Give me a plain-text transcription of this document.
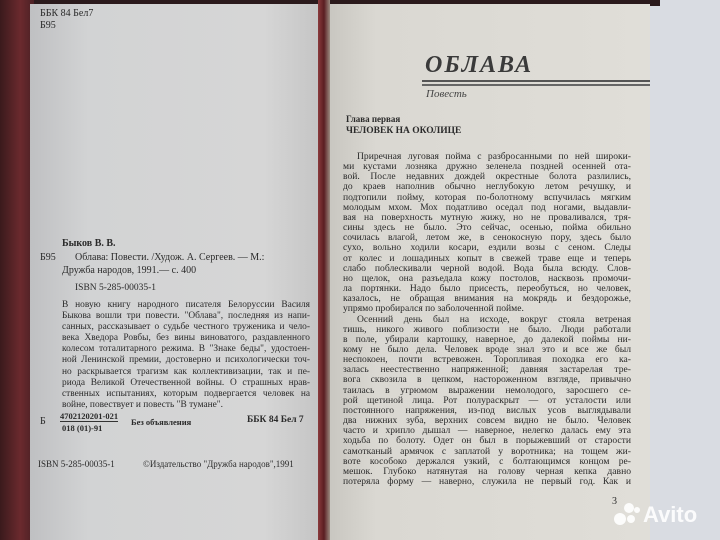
ББК 84 Бел7
Б95
Быков В. В.
Б95 Облава: Повести. /Худож. А. Сергеев. — М.:
Дружба народов, 1991.— с. 400
ISBN 5-285-00035-1
В новую книгу народного писателя Белоруссии Василя
Быкова вошли три повести. "Облава", последняя из напи-
санных, рассказывает о судьбе честного труженика и чело-
века Хведора Ровбы, без вины виноватого, раздавленного
колесом тоталитарного режима. В "Знаке беды", удостоен-
ной Ленинской премии, достоверно и психологически точ-
но раскрывается трагизм как коллективизации, так и пе-
риода Великой Отечественной войны. О страшных нрав-
ственных испытаниях, которым подвергается человек на
войне, повествует и повесть "В тумане".
Б 4702120201-021
018 (01)-91
Без объявления	ББК 84 Бел 7
ISBN 5-285-00035-1	©Издательство "Дружба народов",1991
ОБЛАВА
Повесть
Глава первая
ЧЕЛОВЕК НА ОКОЛИЦЕ
Приречная луговая пойма с разбросанными по ней широки-
ми кустами лозняка дружно зеленела поздней осенней ота-
вой. После недавних дождей окрестные болота разлились,
до краев наполнив обычно неглубокую летом речушку, и
подтопили пойму, которая по-болотному вспучилась мягким
молодым мхом. Мох податливо оседал под ногами, выдавли-
вая на поверхность мутную жижу, но не проваливался, тря-
сины здесь не было. Это сейчас, осенью, пойма обильно
сочилась влагой, летом же, в сенокосную пору, здесь было
сухо, вольно ходили косари, ездили возы с сеном. Следы
от колес и лошадиных копыт в свежей траве еще и теперь
слабо поблескивали черной водой. Вода была всюду. Слов-
но щелок, она разъедала кожу постолов, насквозь промочи-
ла портянки. Надо было присесть, переобуться, но человек,
казалось, не обращая внимания на мокрядь и бездорожье,
упрямо пробирался по заболоченной пойме.
Осенний день был на исходе, вокруг стояла ветреная
тишь, никого живого поблизости не было. Люди работали
в поле, убирали картошку, наверное, до далекой поймы ни-
кому не было дела. Человек вроде знал это и все же был
неспокоен, почти встревожен. Торопливая походка его ка-
залась неестественно напряженной; давняя застарелая тре-
вога сквозила в цепком, настороженном взгляде, привычно
таилась в угрюмом выражении немолодого, заросшего се-
рой щетиной лица. Рот полураскрыт — от усталости или
постоянного напряжения, из-под вислых усов выглядывали
два нижних зуба, верхних совсем видно не было. Человек
часто и хрипло дышал — наверное, нелегко далась ему эта
ходьба по болоту. Одет он был в порыжевший от старости
самотканый армячок с заплатой у воротника; на тощем жи-
воте кособоко держался узкий, с болтающимся концом ре-
мешок. Глубоко натянутая на голову черная кепка давно
потеряла форму — наверно, служила не первый год. Как и
3
Avito
